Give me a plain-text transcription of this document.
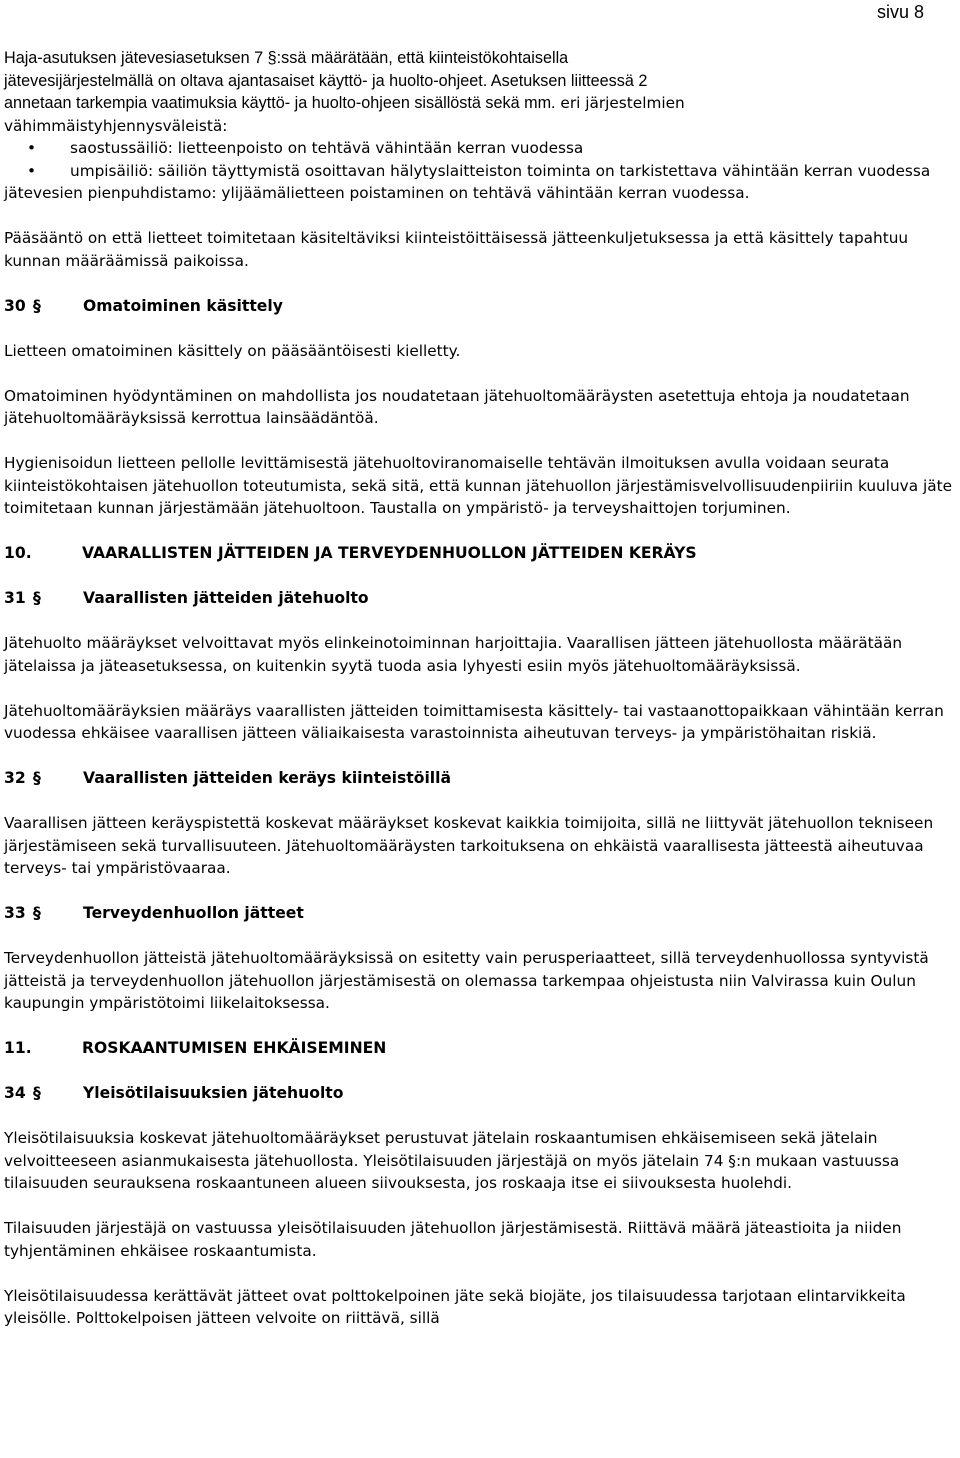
sivu 8
Haja-asutuksen jätevesiasetuksen 7 §:ssä määrätään, että kiinteistökohtaisella
jätevesijärjestelmällä on oltava ajantasaiset käyttö- ja huolto-ohjeet. Asetuksen liitteessä 2
annetaan tarkempia vaatimuksia käyttö- ja huolto-ohjeen sisällöstä sekä mm. eri järjestelmien
vähimmäistyhjennysväleistä:
• saostussäiliö: lietteenpoisto on tehtävä vähintään kerran vuodessa
• umpisäiliö: säiliön täyttymistä osoittavan hälytyslaitteiston toiminta on tarkistettava vähintään kerran vuodessa
jätevesien pienpuhdistamo: ylijäämälietteen poistaminen on tehtävä vähintään kerran vuodessa.

Pääsääntö on että lietteet toimitetaan käsiteltäviksi kiinteistöittäisessä jätteenkuljetuksessa ja että käsittely tapahtuu kunnan määräämissä paikoissa.

30 §	Omatoiminen käsittely

Lietteen omatoiminen käsittely on pääsääntöisesti kielletty.

Omatoiminen hyödyntäminen on mahdollista jos noudatetaan jätehuoltomääräysten asetettuja ehtoja ja noudatetaan jätehuoltomääräyksissä kerrottua lainsäädäntöä.

Hygienisoidun lietteen pellolle levittämisestä jätehuoltoviranomaiselle tehtävän ilmoituksen avulla voidaan seurata kiinteistökohtaisen jätehuollon toteutumista, sekä sitä, että kunnan jätehuollon järjestämisvelvollisuudenpiiriin kuuluva jäte toimitetaan kunnan järjestämään jätehuoltoon. Taustalla on ympäristö- ja terveyshaittojen torjuminen.

10.	VAARALLISTEN JÄTTEIDEN JA TERVEYDENHUOLLON JÄTTEIDEN KERÄYS
31 §	Vaarallisten jätteiden jätehuolto

Jätehuolto määräykset velvoittavat myös elinkeinotoiminnan harjoittajia. Vaarallisen jätteen jätehuollosta määrätään jätelaissa ja jäteasetuksessa, on kuitenkin syytä tuoda asia lyhyesti esiin myös jätehuoltomääräyksissä.

Jätehuoltomääräyksien määräys vaarallisten jätteiden toimittamisesta käsittely- tai vastaanottopaikkaan vähintään kerran vuodessa ehkäisee vaarallisen jätteen väliaikaisesta varastoinnista aiheutuvan terveys- ja ympäristöhaitan riskiä.

32 §	Vaarallisten jätteiden keräys kiinteistöillä

Vaarallisen jätteen keräyspistettä koskevat määräykset koskevat kaikkia toimijoita, sillä ne liittyvät jätehuollon tekniseen järjestämiseen sekä turvallisuuteen. Jätehuoltomääräysten tarkoituksena on ehkäistä vaarallisesta jätteestä aiheutuvaa terveys- tai ympäristövaaraa.

33 §	Terveydenhuollon jätteet

Terveydenhuollon jätteistä jätehuoltomääräyksissä on esitetty vain perusperiaatteet, sillä terveydenhuollossa syntyvistä jätteistä ja terveydenhuollon jätehuollon järjestämisestä on olemassa tarkempaa ohjeistusta niin Valvirassa kuin Oulun kaupungin ympäristötoimi liikelaitoksessa.

11.	ROSKAANTUMISEN EHKÄISEMINEN
34 §	Yleisötilaisuuksien jätehuolto

Yleisötilaisuuksia koskevat jätehuoltomääräykset perustuvat jätelain roskaantumisen ehkäisemiseen sekä jätelain velvoitteeseen asianmukaisesta jätehuollosta. Yleisötilaisuuden järjestäjä on myös jätelain 74 §:n mukaan vastuussa tilaisuuden seurauksena roskaantuneen alueen siivouksesta, jos roskaaja itse ei siivouksesta huolehdi.

Tilaisuuden järjestäjä on vastuussa yleisötilaisuuden jätehuollon järjestämisestä. Riittävä määrä jäteastioita ja niiden tyhjentäminen ehkäisee roskaantumista.

Yleisötilaisuudessa kerättävät jätteet ovat polttokelpoinen jäte sekä biojäte, jos tilaisuudessa tarjotaan elintarvikkeita yleisölle. Polttokelpoisen jätteen velvoite on riittävä, sillä
